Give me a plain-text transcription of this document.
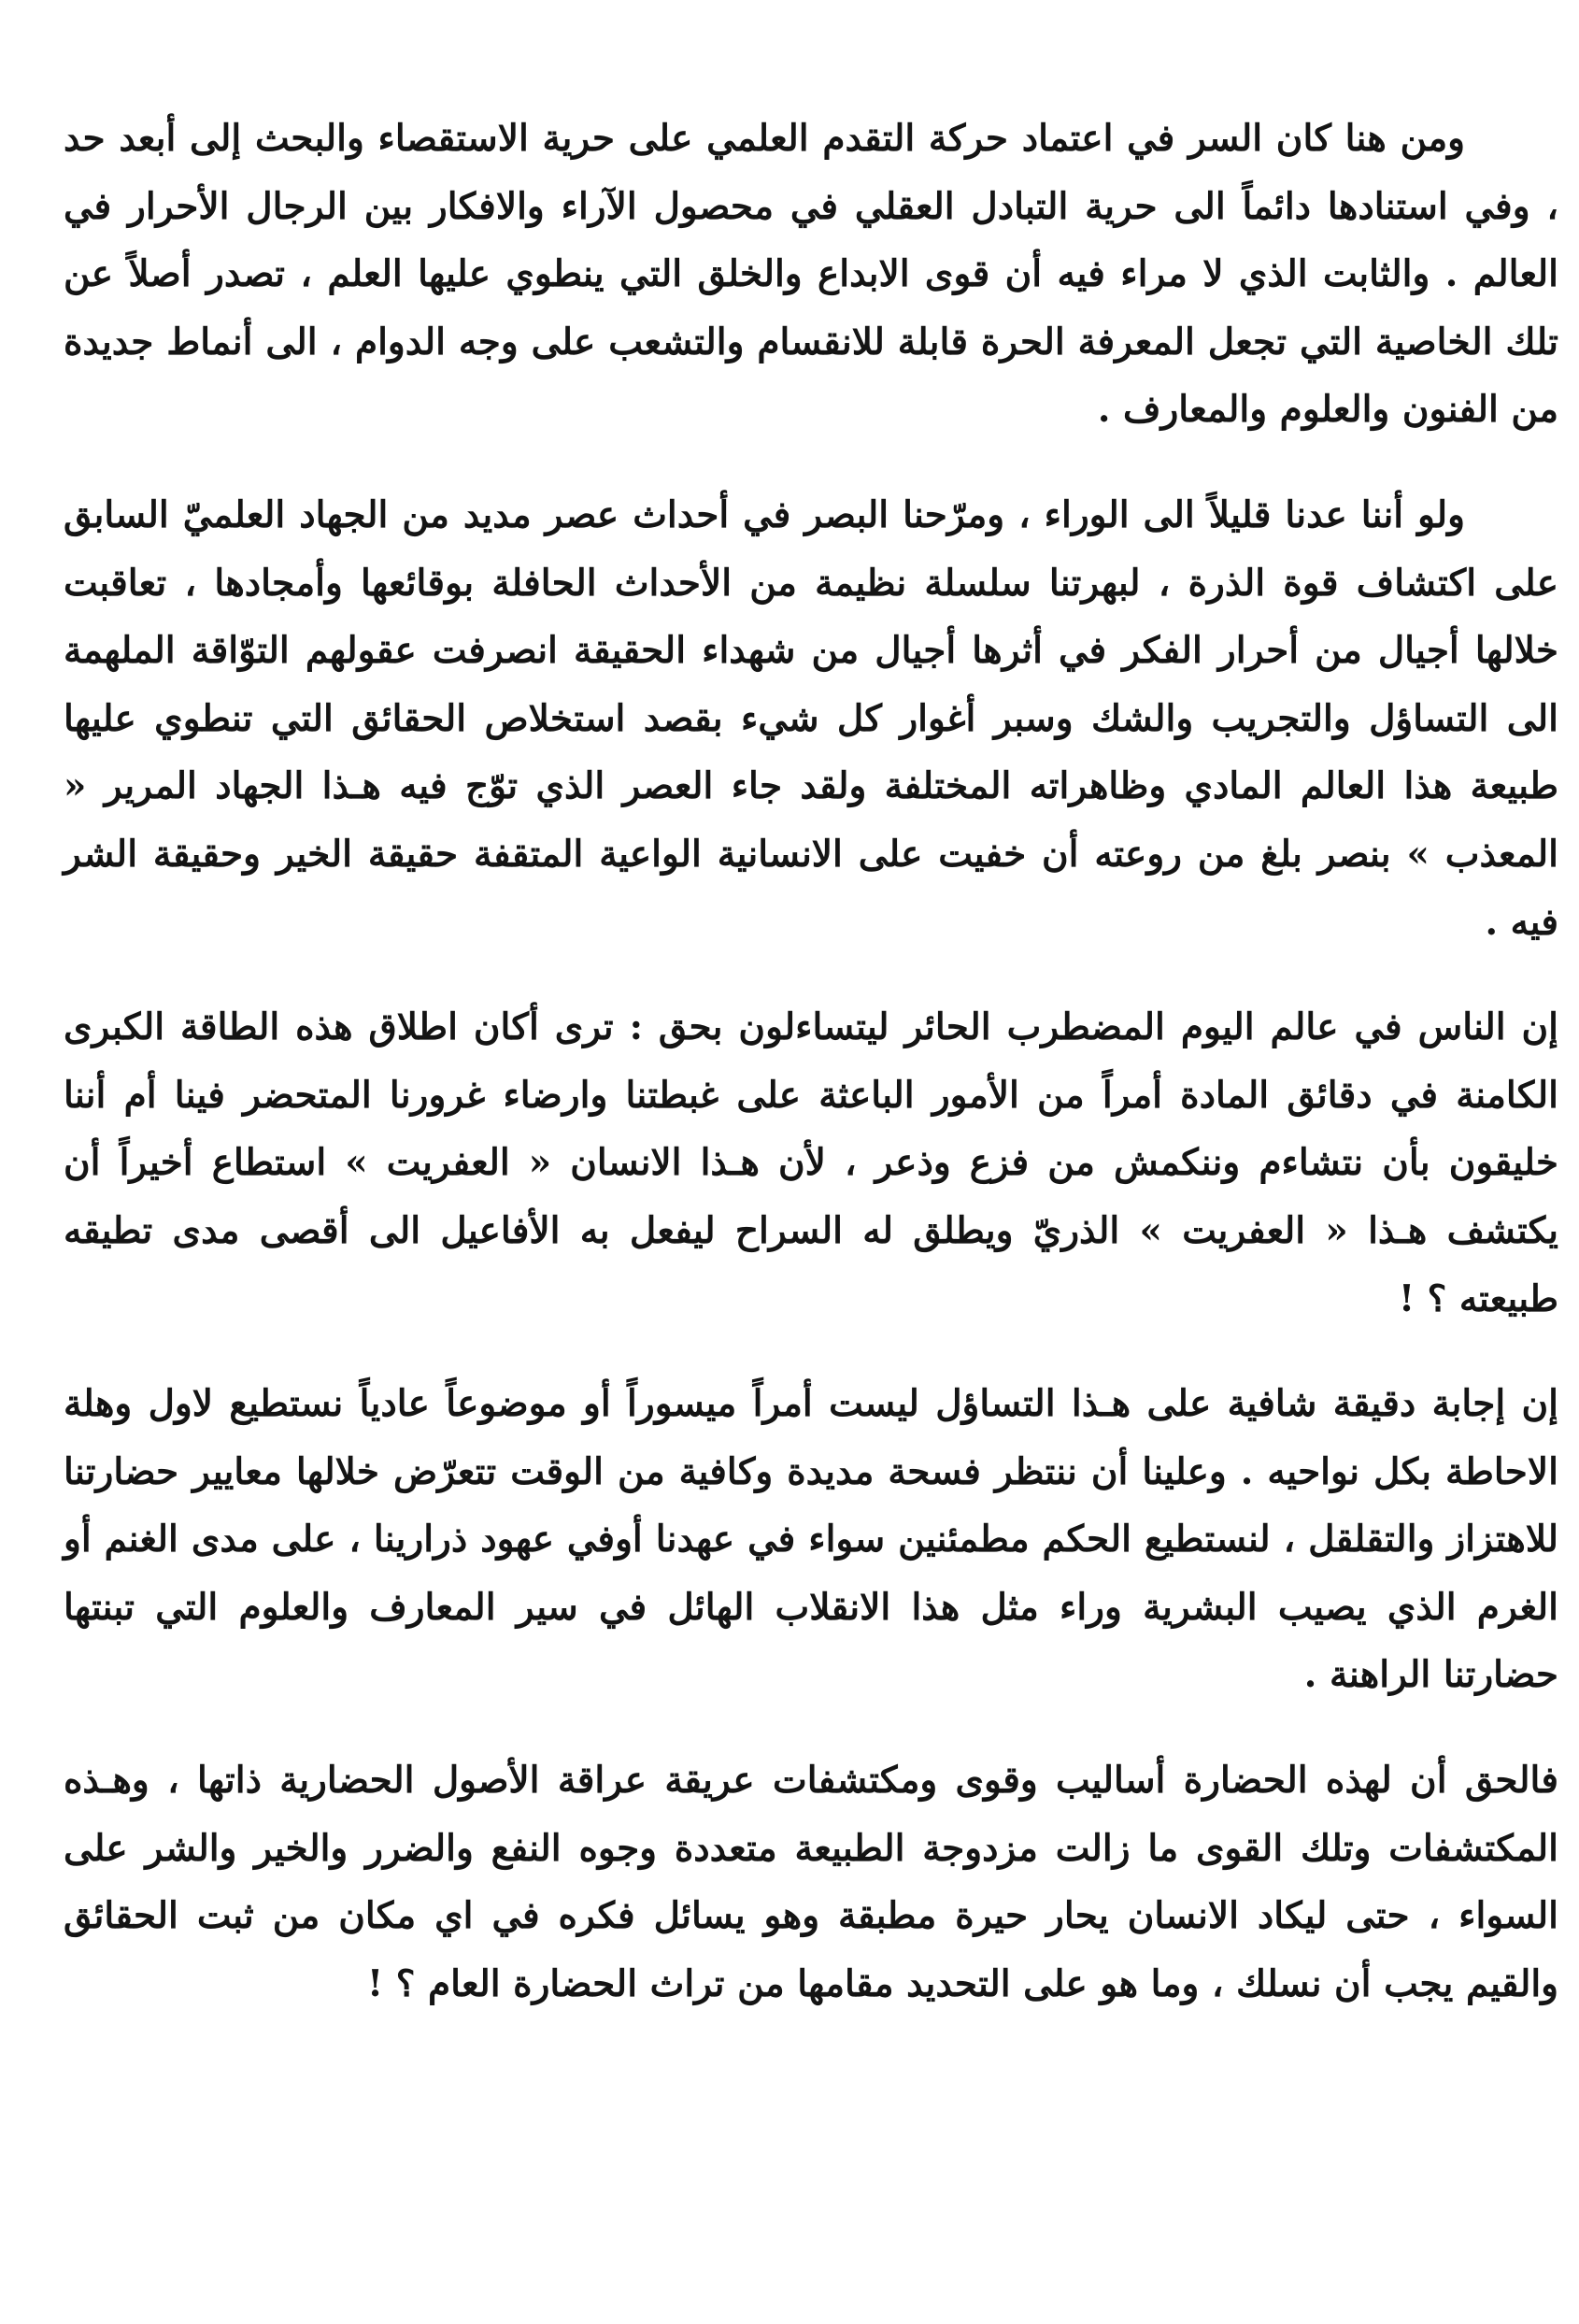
ومن هنا كان السر في اعتماد حركة التقدم العلمي على حرية الاستقصاء والبحث إلى أبعد حد ، وفي استنادها دائماً الى حرية التبادل العقلي في محصول الآراء والافكار بين الرجال الأحرار في العالم . والثابت الذي لا مراء فيه أن قوى الابداع والخلق التي ينطوي عليها العلم ، تصدر أصلاً عن تلك الخاصية التي تجعل المعرفة الحرة قابلة للانقسام والتشعب على وجه الدوام ، الى أنماط جديدة من الفنون والعلوم والمعارف .

ولو أننا عدنا قليلاً الى الوراء ، ومرّحنا البصر في أحداث عصر مديد من الجهاد العلميّ السابق على اكتشاف قوة الذرة ، لبهرتنا سلسلة نظيمة من الأحداث الحافلة بوقائعها وأمجادها ، تعاقبت خلالها أجيال من أحرار الفكر في أثرها أجيال من شهداء الحقيقة انصرفت عقولهم التوّاقة الملهمة الى التساؤل والتجريب والشك وسبر أغوار كل شيء بقصد استخلاص الحقائق التي تنطوي عليها طبيعة هذا العالم المادي وظاهراته المختلفة ولقد جاء العصر الذي توّج فيه هـذا الجهاد المرير « المعذب » بنصر بلغ من روعته أن خفيت على الانسانية الواعية المتقفة حقيقة الخير وحقيقة الشر فيه .

إن الناس في عالم اليوم المضطرب الحائر ليتساءلون بحق : ترى أكان اطلاق هذه الطاقة الكبرى الكامنة في دقائق المادة أمراً من الأمور الباعثة على غبطتنا وارضاء غرورنا المتحضر فينا أم أننا خليقون بأن نتشاءم وننكمش من فزع وذعر ، لأن هـذا الانسان « العفريت » استطاع أخيراً أن يكتشف هـذا « العفريت » الذريّ ويطلق له السراح ليفعل به الأفاعيل الى أقصى مدى تطيقه طبيعته ؟ !

إن إجابة دقيقة شافية على هـذا التساؤل ليست أمراً ميسوراً أو موضوعاً عادياً نستطيع لاول وهلة الاحاطة بكل نواحيه . وعلينا أن ننتظر فسحة مديدة وكافية من الوقت تتعرّض خلالها معايير حضارتنا للاهتزاز والتقلقل ، لنستطيع الحكم مطمئنين سواء في عهدنا أوفي عهود ذرارينا ، على مدى الغنم أو الغرم الذي يصيب البشرية وراء مثل هذا الانقلاب الهائل في سير المعارف والعلوم التي تبنتها حضارتنا الراهنة .

فالحق أن لهذه الحضارة أساليب وقوى ومكتشفات عريقة عراقة الأصول الحضارية ذاتها ، وهـذه المكتشفات وتلك القوى ما زالت مزدوجة الطبيعة متعددة وجوه النفع والضرر والخير والشر على السواء ، حتى ليكاد الانسان يحار حيرة مطبقة وهو يسائل فكره في اي مكان من ثبت الحقائق والقيم يجب أن نسلك ، وما هو على التحديد مقامها من تراث الحضارة العام ؟ !
